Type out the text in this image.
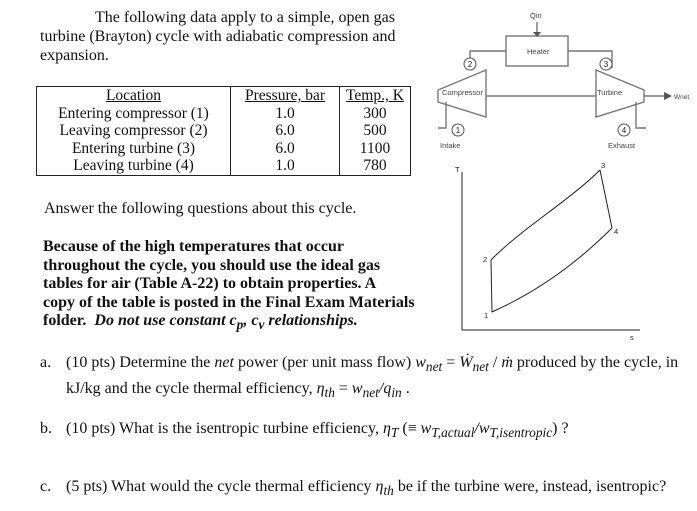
The following data apply to a simple, open gas
turbine (Brayton) cycle with adiabatic compression and
expansion.
Location	Pressure, bar	Temp., K
Entering compressor (1)	1.0	300
Leaving compressor (2)	6.0	500
Entering turbine (3)	6.0	1100
Leaving turbine (4)	1.0	780
Answer the following questions about this cycle.
Because of the high temperatures that occur
throughout the cycle, you should use the ideal gas
tables for air (Table A-22) to obtain properties. A
copy of the table is posted in the Final Exam Materials
folder. Do not use constant $c_p$, $c_v$ relationships.
Heater
Compressor	Turbine
Intake	Exhaust
Q̇in
Ẇnet
2	3
1	4
T
s
1
2
3
4
a. (10 pts) Determine the net power (per unit mass flow) $w_{net}$ = Ẇ$_{net}$ / ṁ produced by the cycle, in
kJ/kg and the cycle thermal efficiency, $\eta_{th} = w_{net}/q_{in}$ .
b. (10 pts) What is the isentropic turbine efficiency, $\eta_T$ (≡ $w_{T,actual}/w_{T,isentropic}$) ?
c. (5 pts) What would the cycle thermal efficiency $\eta_{th}$ be if the turbine were, instead, isentropic?
